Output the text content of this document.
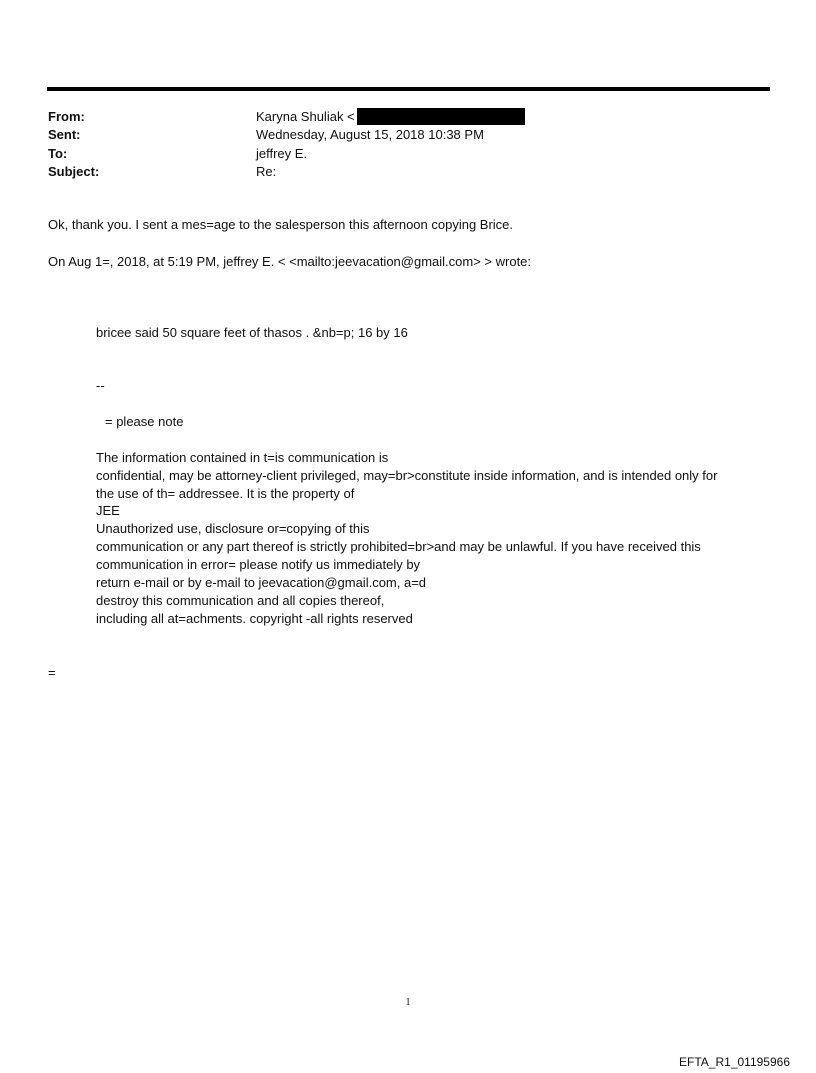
From:	Karyna Shuliak <
Sent:	Wednesday, August 15, 2018 10:38 PM
To:	jeffrey E.
Subject:	Re:
Ok, thank you. I sent a mes=age to the salesperson this afternoon copying Brice.
On Aug 1=, 2018, at 5:19 PM, jeffrey E. < <mailto:jeevacation@gmail.com> > wrote:
bricee said 50 square feet of thasos . &nb=p; 16 by 16
--
= please note
The information contained in t=is communication is
confidential, may be attorney-client privileged, may=br>constitute inside information, and is intended only for
the use of th= addressee. It is the property of
JEE
Unauthorized use, disclosure or=copying of this
communication or any part thereof is strictly prohibited=br>and may be unlawful. If you have received this
communication in error= please notify us immediately by
return e-mail or by e-mail to jeevacation@gmail.com, a=d
destroy this communication and all copies thereof,
including all at=achments. copyright -all rights reserved
=
1
EFTA_R1_01195966
